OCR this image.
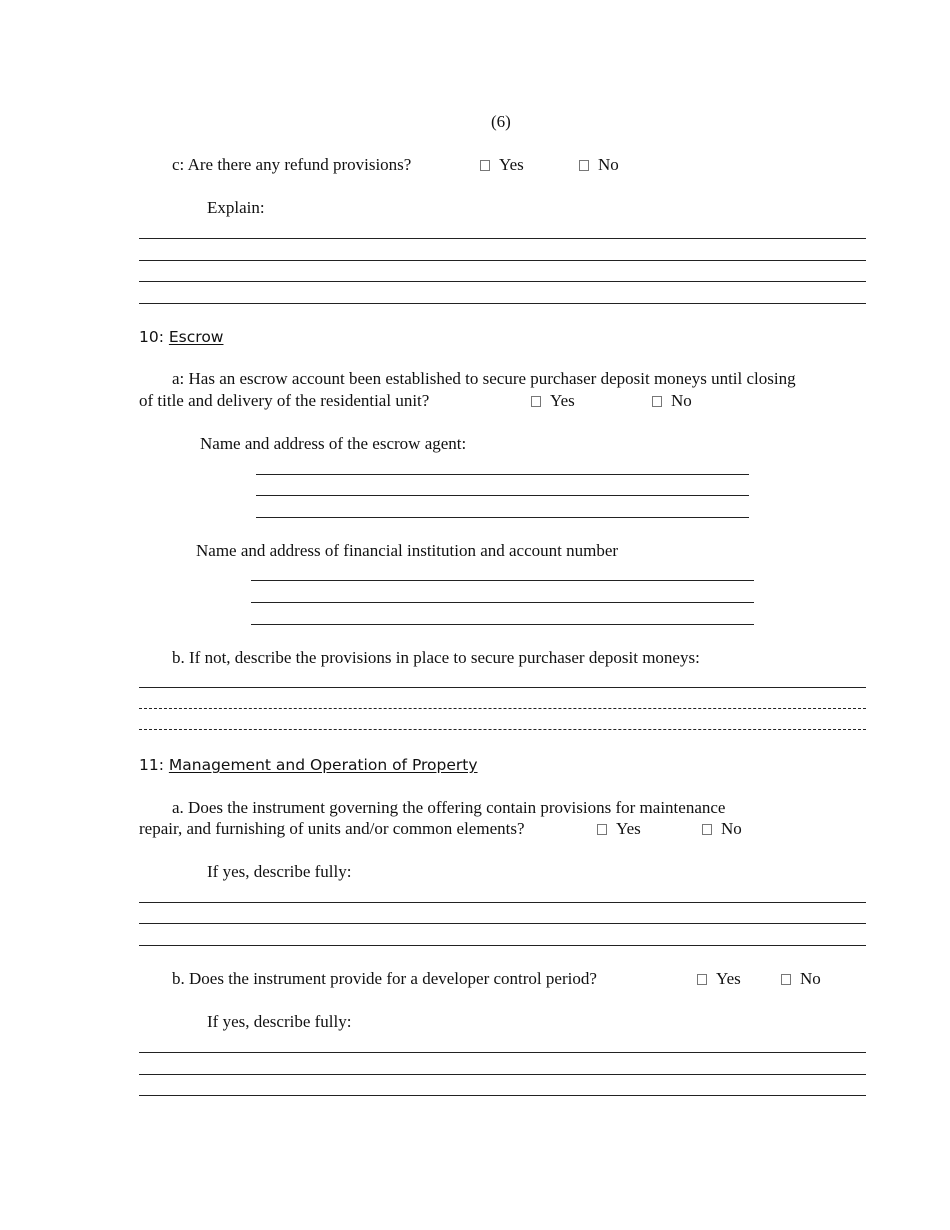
(6)
c: Are there any refund provisions?	Yes	No
Explain:
10: Escrow
a: Has an escrow account been established to secure purchaser deposit moneys until closing
of title and delivery of the residential unit?	Yes	No
Name and address of the escrow agent:
Name and address of financial institution and account number
b. If not, describe the provisions in place to secure purchaser deposit moneys:
11: Management and Operation of Property
a. Does the instrument governing the offering contain provisions for maintenance
repair, and furnishing of units and/or common elements?	Yes	No
If yes, describe fully:
b. Does the instrument provide for a developer control period?	Yes	No
If yes, describe fully:
